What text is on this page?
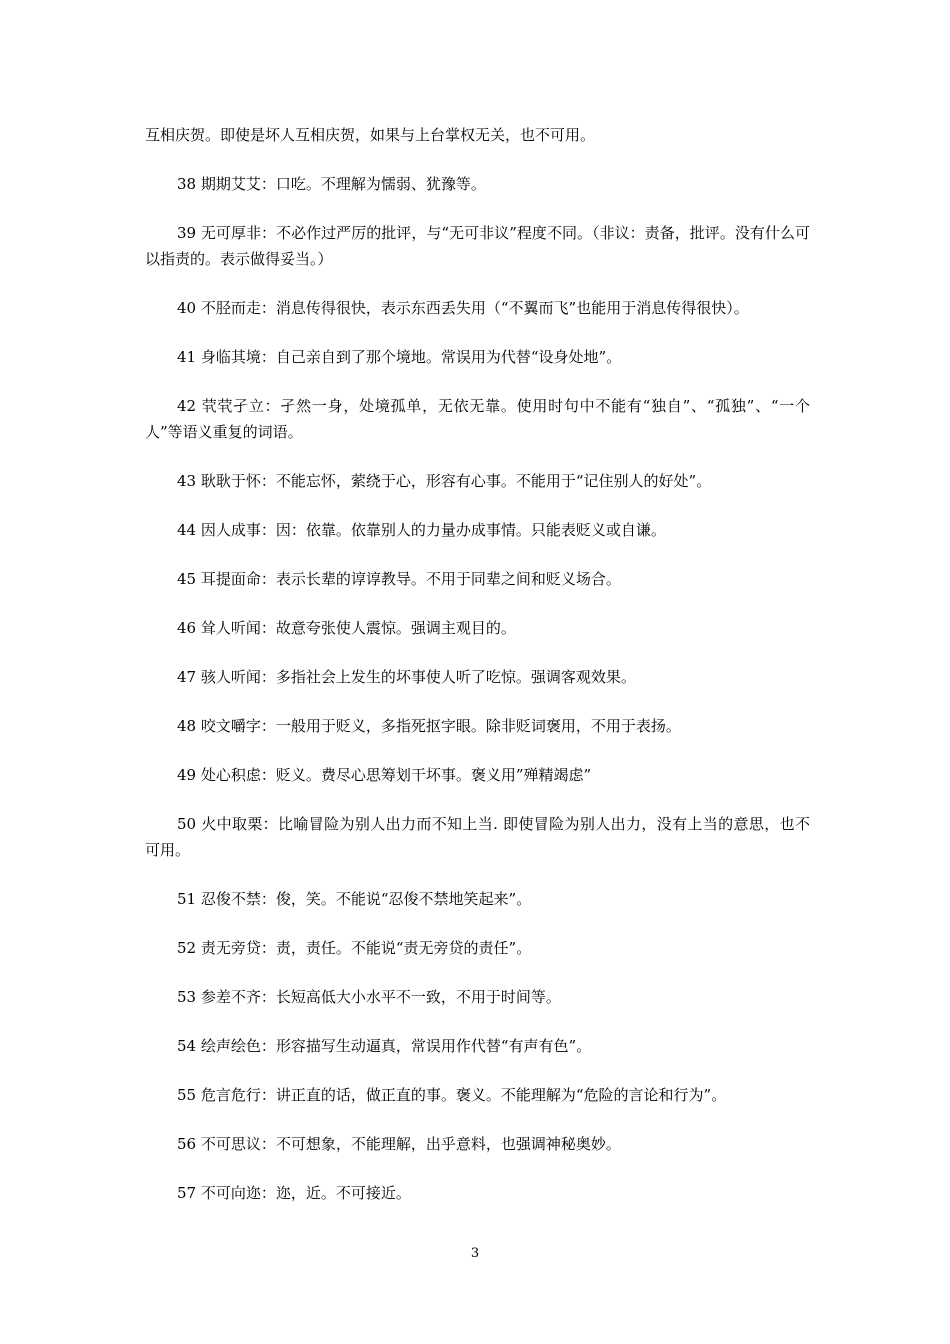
互相庆贺。即使是坏人互相庆贺，如果与上台掌权无关，也不可用。

38 期期艾艾：口吃。不理解为懦弱、犹豫等。

39 无可厚非：不必作过严厉的批评，与“无可非议”程度不同。（非议：责备，批评。没有什么可以指责的。表示做得妥当。）

40 不胫而走：消息传得很快，表示东西丢失用（“不翼而飞”也能用于消息传得很快）。

41 身临其境：自己亲自到了那个境地。常误用为代替“设身处地”。

42 茕茕孑立：孑然一身，处境孤单，无依无靠。使用时句中不能有“独自”、“孤独”、“一个人”等语义重复的词语。

43 耿耿于怀：不能忘怀，萦绕于心，形容有心事。不能用于“记住别人的好处”。

44 因人成事：因：依靠。依靠别人的力量办成事情。只能表贬义或自谦。

45 耳提面命：表示长辈的谆谆教导。不用于同辈之间和贬义场合。

46 耸人听闻：故意夸张使人震惊。强调主观目的。

47 骇人听闻：多指社会上发生的坏事使人听了吃惊。强调客观效果。

48 咬文嚼字：一般用于贬义，多指死抠字眼。除非贬词褒用，不用于表扬。

49 处心积虑：贬义。费尽心思筹划干坏事。褒义用”殚精竭虑”

50 火中取栗：比喻冒险为别人出力而不知上当. 即使冒险为别人出力，没有上当的意思，也不可用。

51 忍俊不禁：俊，笑。不能说“忍俊不禁地笑起来”。

52 责无旁贷：责，责任。不能说“责无旁贷的责任”。

53 参差不齐：长短高低大小水平不一致，不用于时间等。

54 绘声绘色：形容描写生动逼真，常误用作代替“有声有色”。

55 危言危行：讲正直的话，做正直的事。褒义。不能理解为“危险的言论和行为”。

56 不可思议：不可想象，不能理解，出乎意料，也强调神秘奥妙。

57 不可向迩：迩，近。不可接近。

3
